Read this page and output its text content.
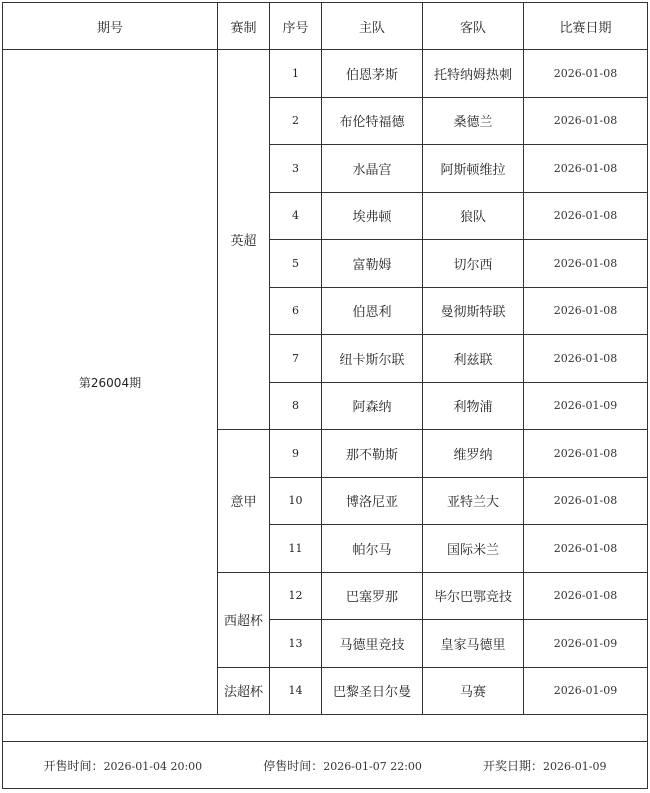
期号	赛制	序号	主队	客队	比赛日期
第26004期	英超	1	伯恩茅斯	托特纳姆热刺	2026-01-08
		2	布伦特福德	桑德兰	2026-01-08
		3	水晶宫	阿斯顿维拉	2026-01-08
		4	埃弗顿	狼队	2026-01-08
		5	富勒姆	切尔西	2026-01-08
		6	伯恩利	曼彻斯特联	2026-01-08
		7	纽卡斯尔联	利兹联	2026-01-08
		8	阿森纳	利物浦	2026-01-09
	意甲	9	那不勒斯	维罗纳	2026-01-08
		10	博洛尼亚	亚特兰大	2026-01-08
		11	帕尔马	国际米兰	2026-01-08
	西超杯	12	巴塞罗那	毕尔巴鄂竞技	2026-01-08
		13	马德里竞技	皇家马德里	2026-01-09
	法超杯	14	巴黎圣日尔曼	马赛	2026-01-09

开售时间：2026-01-04 20:00 停售时间：2026-01-07 22:00 开奖日期：2026-01-09					
